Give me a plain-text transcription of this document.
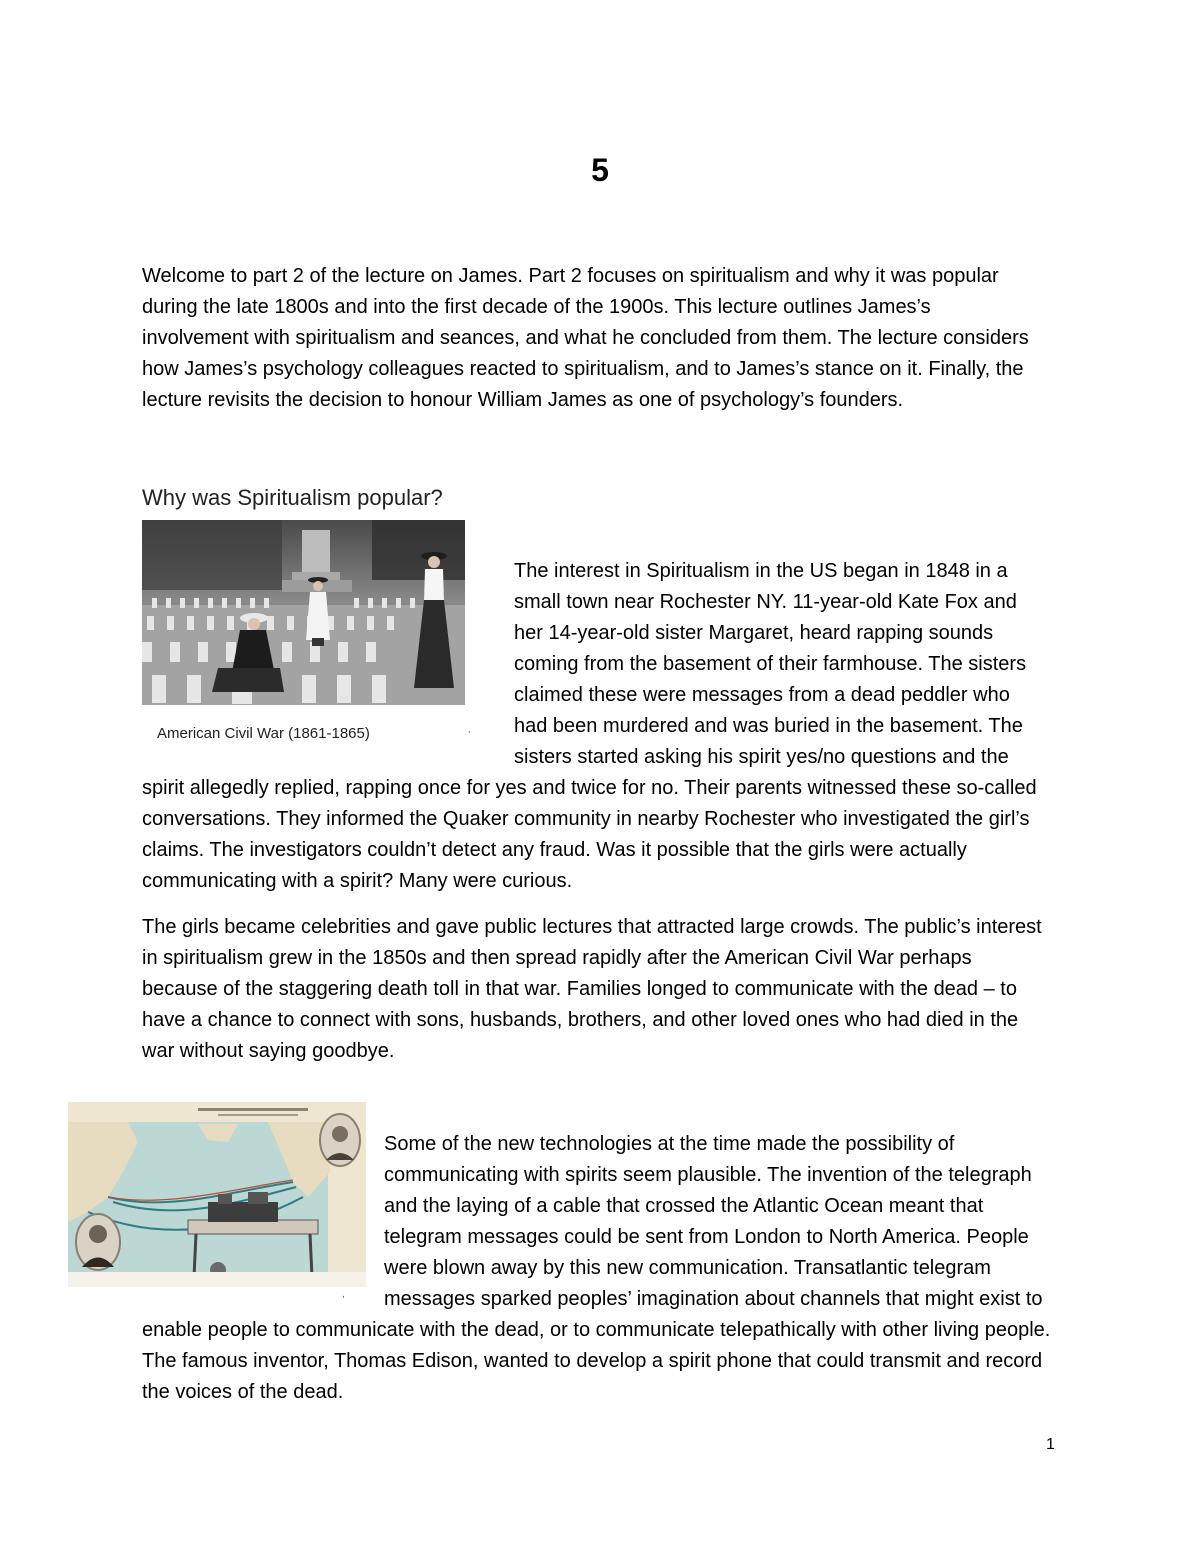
5

Welcome to part 2 of the lecture on James. Part 2 focuses on spiritualism and why it was popular during the late 1800s and into the first decade of the 1900s. This lecture outlines James’s involvement with spiritualism and seances, and what he concluded from them. The lecture considers how James’s psychology colleagues reacted to spiritualism, and to James’s stance on it. Finally, the lecture revisits the decision to honour William James as one of psychology’s founders.

Why was Spiritualism popular?
American Civil War (1861-1865)	’
The interest in Spiritualism in the US began in 1848 in a small town near Rochester NY. 11-year-old Kate Fox and her 14-year-old sister Margaret, heard rapping sounds coming from the basement of their farmhouse. The sisters claimed these were messages from a dead peddler who had been murdered and was buried in the basement. The sisters started asking his spirit yes/no questions and the spirit allegedly replied, rapping once for yes and twice for no. Their parents witnessed these so-called conversations. They informed the Quaker community in nearby Rochester who investigated the girl’s claims. The investigators couldn’t detect any fraud. Was it possible that the girls were actually communicating with a spirit? Many were curious.

The girls became celebrities and gave public lectures that attracted large crowds. The public’s interest in spiritualism grew in the 1850s and then spread rapidly after the American Civil War perhaps because of the staggering death toll in that war. Families longed to communicate with the dead – to have a chance to connect with sons, husbands, brothers, and other loved ones who had died in the war without saying goodbye.

,
Some of the new technologies at the time made the possibility of communicating with spirits seem plausible. The invention of the telegraph and the laying of a cable that crossed the Atlantic Ocean meant that telegram messages could be sent from London to North America. People were blown away by this new communication. Transatlantic telegram messages sparked peoples’ imagination about channels that might exist to enable people to communicate with the dead, or to communicate telepathically with other living people. The famous inventor, Thomas Edison, wanted to develop a spirit phone that could transmit and record the voices of the dead.
1
